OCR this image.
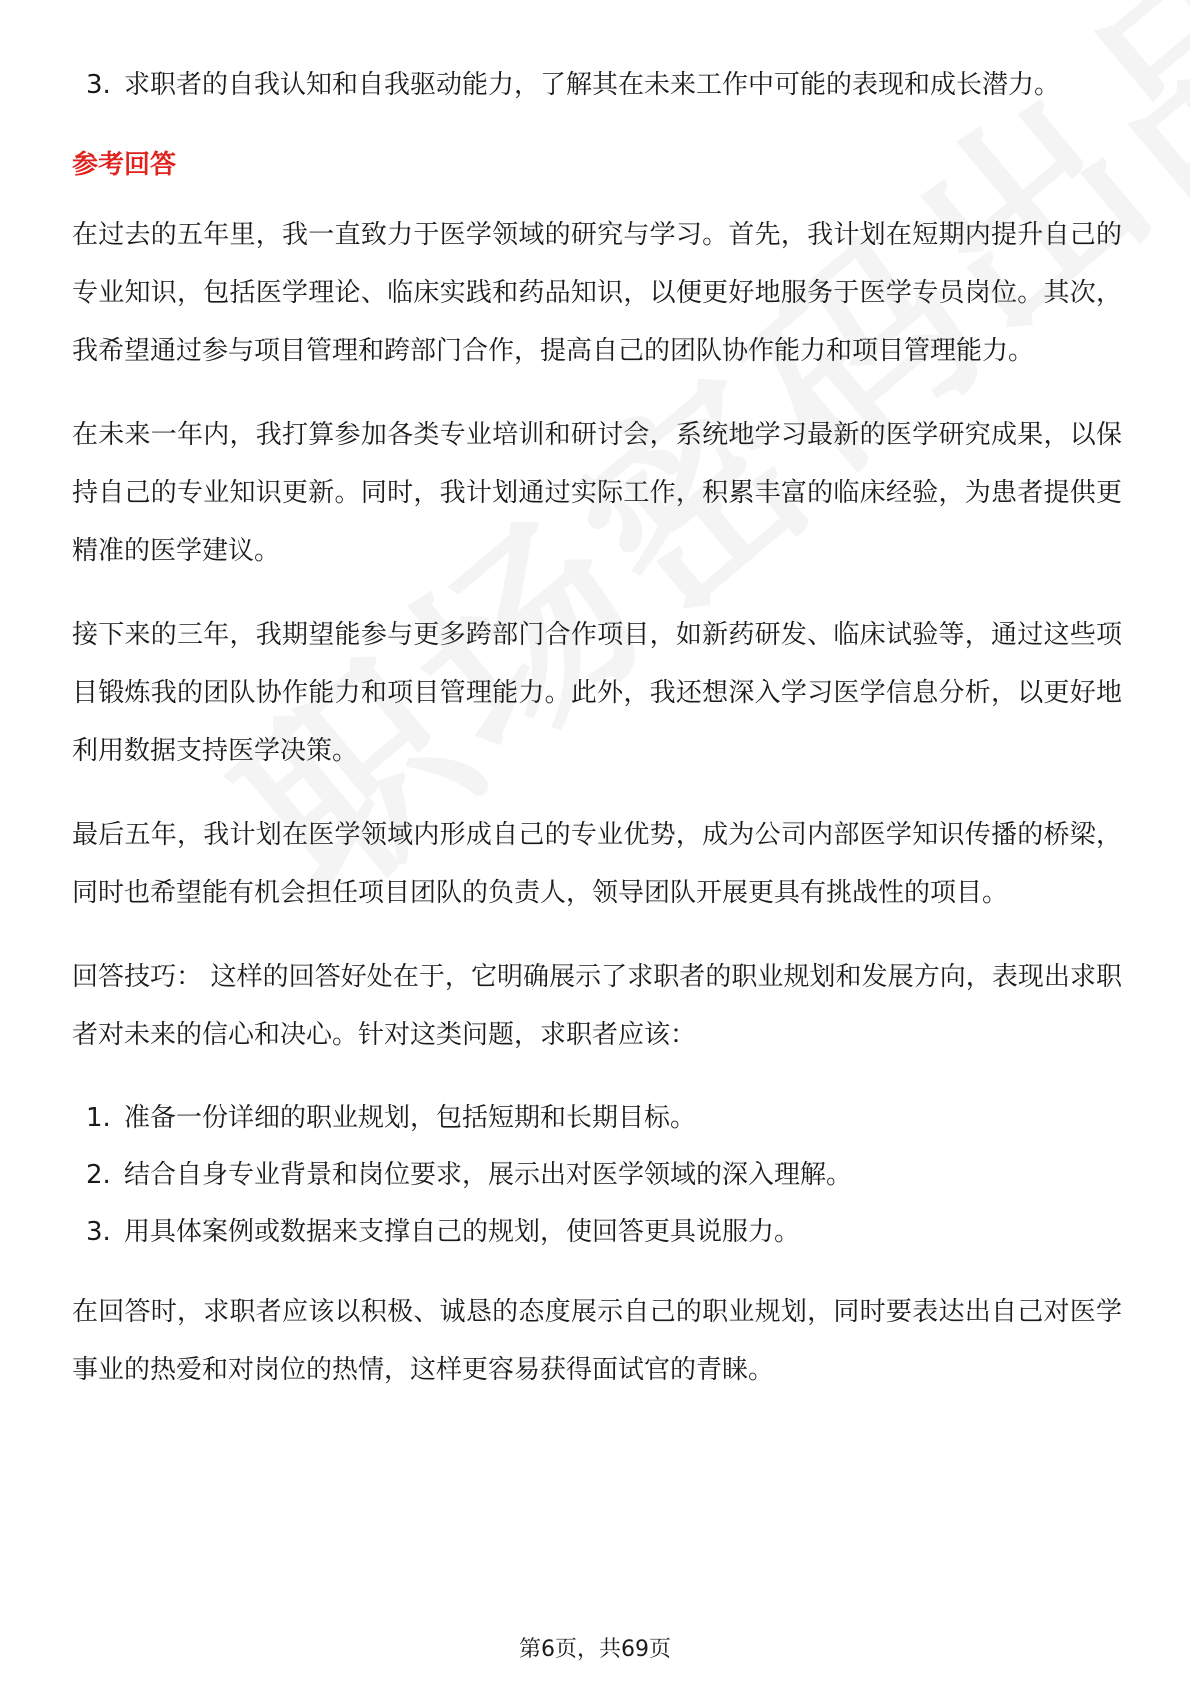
3. 求职者的自我认知和自我驱动能力，了解其在未来工作中可能的表现和成长潜力。
参考回答

在过去的五年里，我一直致力于医学领域的研究与学习。首先，我计划在短期内提升自己的专业知识，包括医学理论、临床实践和药品知识，以便更好地服务于医学专员岗位。其次，我希望通过参与项目管理和跨部门合作，提高自己的团队协作能力和项目管理能力。

在未来一年内，我打算参加各类专业培训和研讨会，系统地学习最新的医学研究成果，以保持自己的专业知识更新。同时，我计划通过实际工作，积累丰富的临床经验，为患者提供更精准的医学建议。

接下来的三年，我期望能参与更多跨部门合作项目，如新药研发、临床试验等，通过这些项目锻炼我的团队协作能力和项目管理能力。此外，我还想深入学习医学信息分析，以更好地利用数据支持医学决策。

最后五年，我计划在医学领域内形成自己的专业优势，成为公司内部医学知识传播的桥梁，同时也希望能有机会担任项目团队的负责人，领导团队开展更具有挑战性的项目。

回答技巧： 这样的回答好处在于，它明确展示了求职者的职业规划和发展方向，表现出求职者对未来的信心和决心。针对这类问题，求职者应该：

1. 准备一份详细的职业规划，包括短期和长期目标。
2. 结合自身专业背景和岗位要求，展示出对医学领域的深入理解。
3. 用具体案例或数据来支撑自己的规划，使回答更具说服力。

在回答时，求职者应该以积极、诚恳的态度展示自己的职业规划，同时要表达出自己对医学事业的热爱和对岗位的热情，这样更容易获得面试官的青睐。

第6页，共69页
